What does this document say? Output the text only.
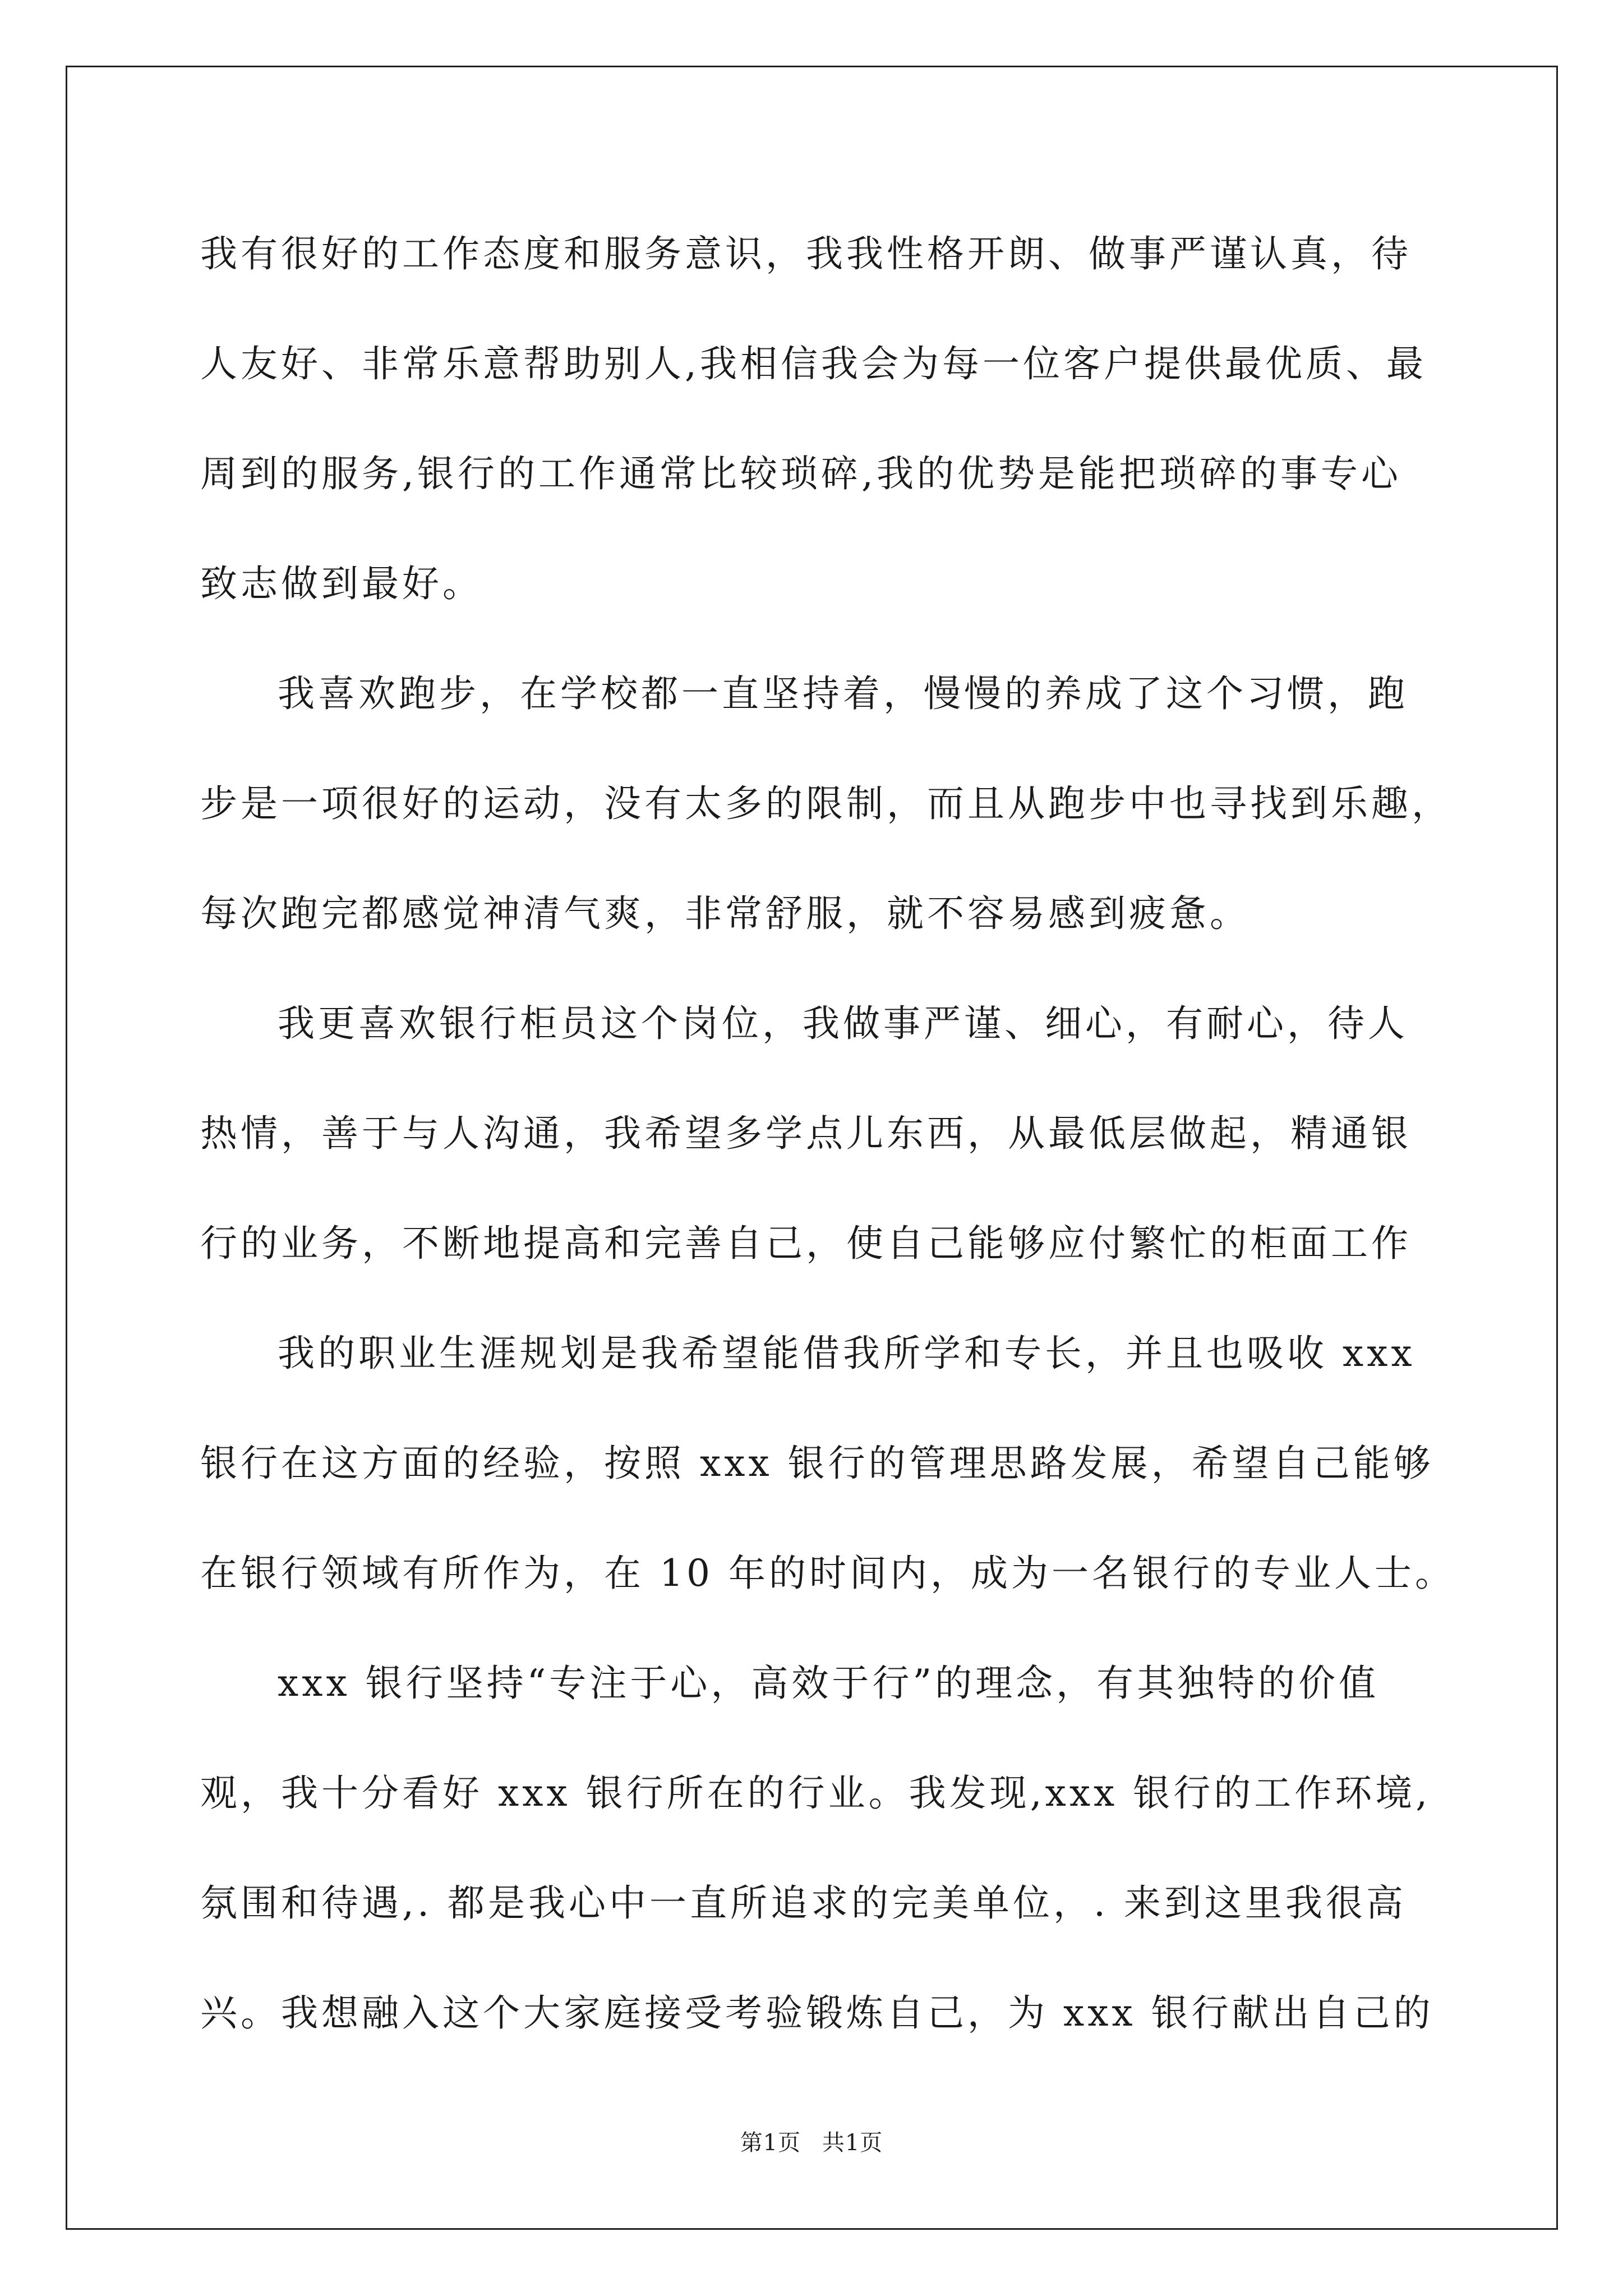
我有很好的工作态度和服务意识，我我性格开朗、做事严谨认真，待

人友好、非常乐意帮助别人,我相信我会为每一位客户提供最优质、最

周到的服务,银行的工作通常比较琐碎,我的优势是能把琐碎的事专心

致志做到最好。

我喜欢跑步，在学校都一直坚持着，慢慢的养成了这个习惯，跑

步是一项很好的运动，没有太多的限制，而且从跑步中也寻找到乐趣，

每次跑完都感觉神清气爽，非常舒服，就不容易感到疲惫。

我更喜欢银行柜员这个岗位，我做事严谨、细心，有耐心，待人

热情，善于与人沟通，我希望多学点儿东西，从最低层做起，精通银

行的业务，不断地提高和完善自己，使自己能够应付繁忙的柜面工作

我的职业生涯规划是我希望能借我所学和专长，并且也吸收 xxx

银行在这方面的经验，按照 xxx 银行的管理思路发展，希望自己能够

在银行领域有所作为，在 10 年的时间内，成为一名银行的专业人士。

xxx 银行坚持“专注于心，高效于行”的理念，有其独特的价值

观，我十分看好 xxx 银行所在的行业。我发现,xxx 银行的工作环境,

氛围和待遇,. 都是我心中一直所追求的完美单位，. 来到这里我很高

兴。我想融入这个大家庭接受考验锻炼自己，为 xxx 银行献出自己的

第1页 共1页
